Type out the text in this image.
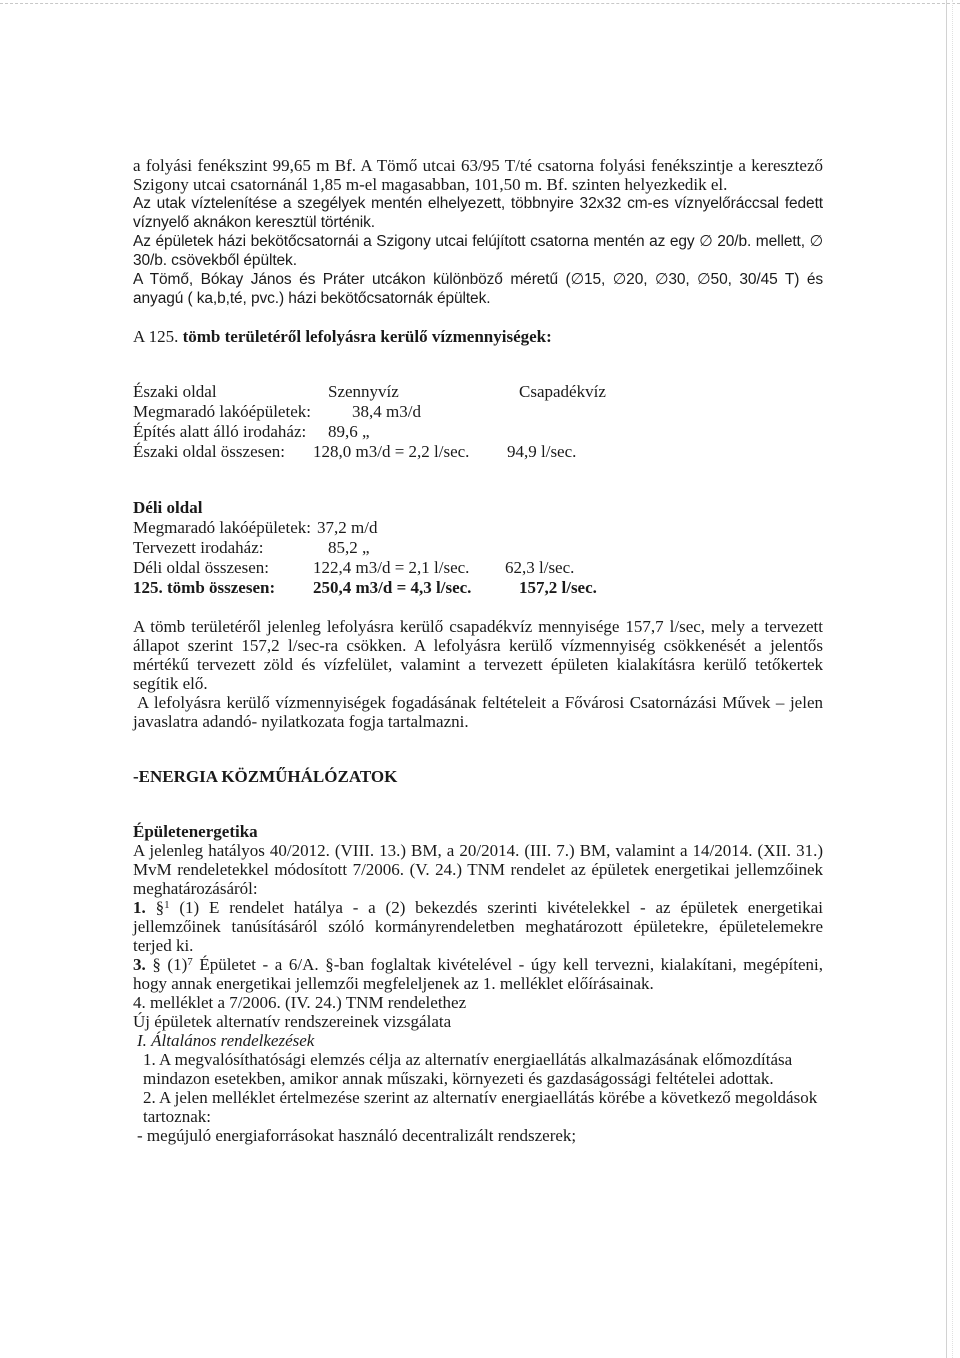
a folyási fenékszint 99,65 m Bf. A Tömő utcai 63/95 T/té csatorna folyási fenékszintje a keresztező Szigony utcai csatornánál 1,85 m-el magasabban, 101,50 m. Bf. szinten helyezkedik el.

Az utak víztelenítése a szegélyek mentén elhelyezett, többnyire 32x32 cm-es víznyelőráccsal fedett víznyelő aknákon keresztül történik.

Az épületek házi bekötőcsatornái a Szigony utcai felújított csatorna mentén az egy ∅ 20/b. mellett, ∅ 30/b. csövekből épültek.

A Tömő, Bókay János és Práter utcákon különböző méretű (∅15, ∅20, ∅30, ∅50, 30/45 T) és anyagú ( ka,b,té, pvc.) házi bekötőcsatornák épültek.

A 125. tömb területéről lefolyásra kerülő vízmennyiségek:

Északi oldal	Szennyvíz	Csapadékvíz
Megmaradó lakóépületek: 38,4 m3/d
Építés alatt álló irodaház: 89,6 „
Északi oldal összesen: 128,0 m3/d = 2,2 l/sec. 94,9 l/sec.
Déli oldal
Megmaradó lakóépületek: 37,2 m/d
Tervezett irodaház:	85,2 „
Déli oldal összesen:	122,4 m3/d = 2,1 l/sec. 62,3 l/sec.
125. tömb összesen: 250,4 m3/d = 4,3 l/sec.	157,2 l/sec.

A tömb területéről jelenleg lefolyásra kerülő csapadékvíz mennyisége 157,7 l/sec, mely a tervezett állapot szerint 157,2 l/sec-ra csökken. A lefolyásra kerülő vízmennyiség csökkenését a jelentős mértékű tervezett zöld és vízfelület, valamint a tervezett épületen kialakításra kerülő tetőkertek segítik elő.

A lefolyásra kerülő vízmennyiségek fogadásának feltételeit a Fővárosi Csatornázási Művek – jelen javaslatra adandó- nyilatkozata fogja tartalmazni.

-ENERGIA KÖZMŰHÁLÓZATOK

Épületenergetika

A jelenleg hatályos 40/2012. (VIII. 13.) BM, a 20/2014. (III. 7.) BM, valamint a 14/2014. (XII. 31.) MvM rendeletekkel módosított 7/2006. (V. 24.) TNM rendelet az épületek energetikai jellemzőinek meghatározásáról:

1. §$^1$ (1) E rendelet hatálya - a (2) bekezdés szerinti kivételekkel - az épületek energetikai jellemzőinek tanúsításáról szóló kormányrendeletben meghatározott épületekre, épületelemekre terjed ki.

3. § $(1)^7$ Épületet - a 6/A. §-ban foglaltak kivételével - úgy kell tervezni, kialakítani, megépíteni, hogy annak energetikai jellemzői megfeleljenek az 1. melléklet előírásainak.

4. melléklet a 7/2006. (IV. 24.) TNM rendelethez

Új épületek alternatív rendszereinek vizsgálata

I. Általános rendelkezések

1. A megvalósíthatósági elemzés célja az alternatív energiaellátás alkalmazásának előmozdítása mindazon esetekben, amikor annak műszaki, környezeti és gazdaságossági feltételei adottak.

2. A jelen melléklet értelmezése szerint az alternatív energiaellátás körébe a következő megoldások tartoznak:

- megújuló energiaforrásokat használó decentralizált rendszerek;
